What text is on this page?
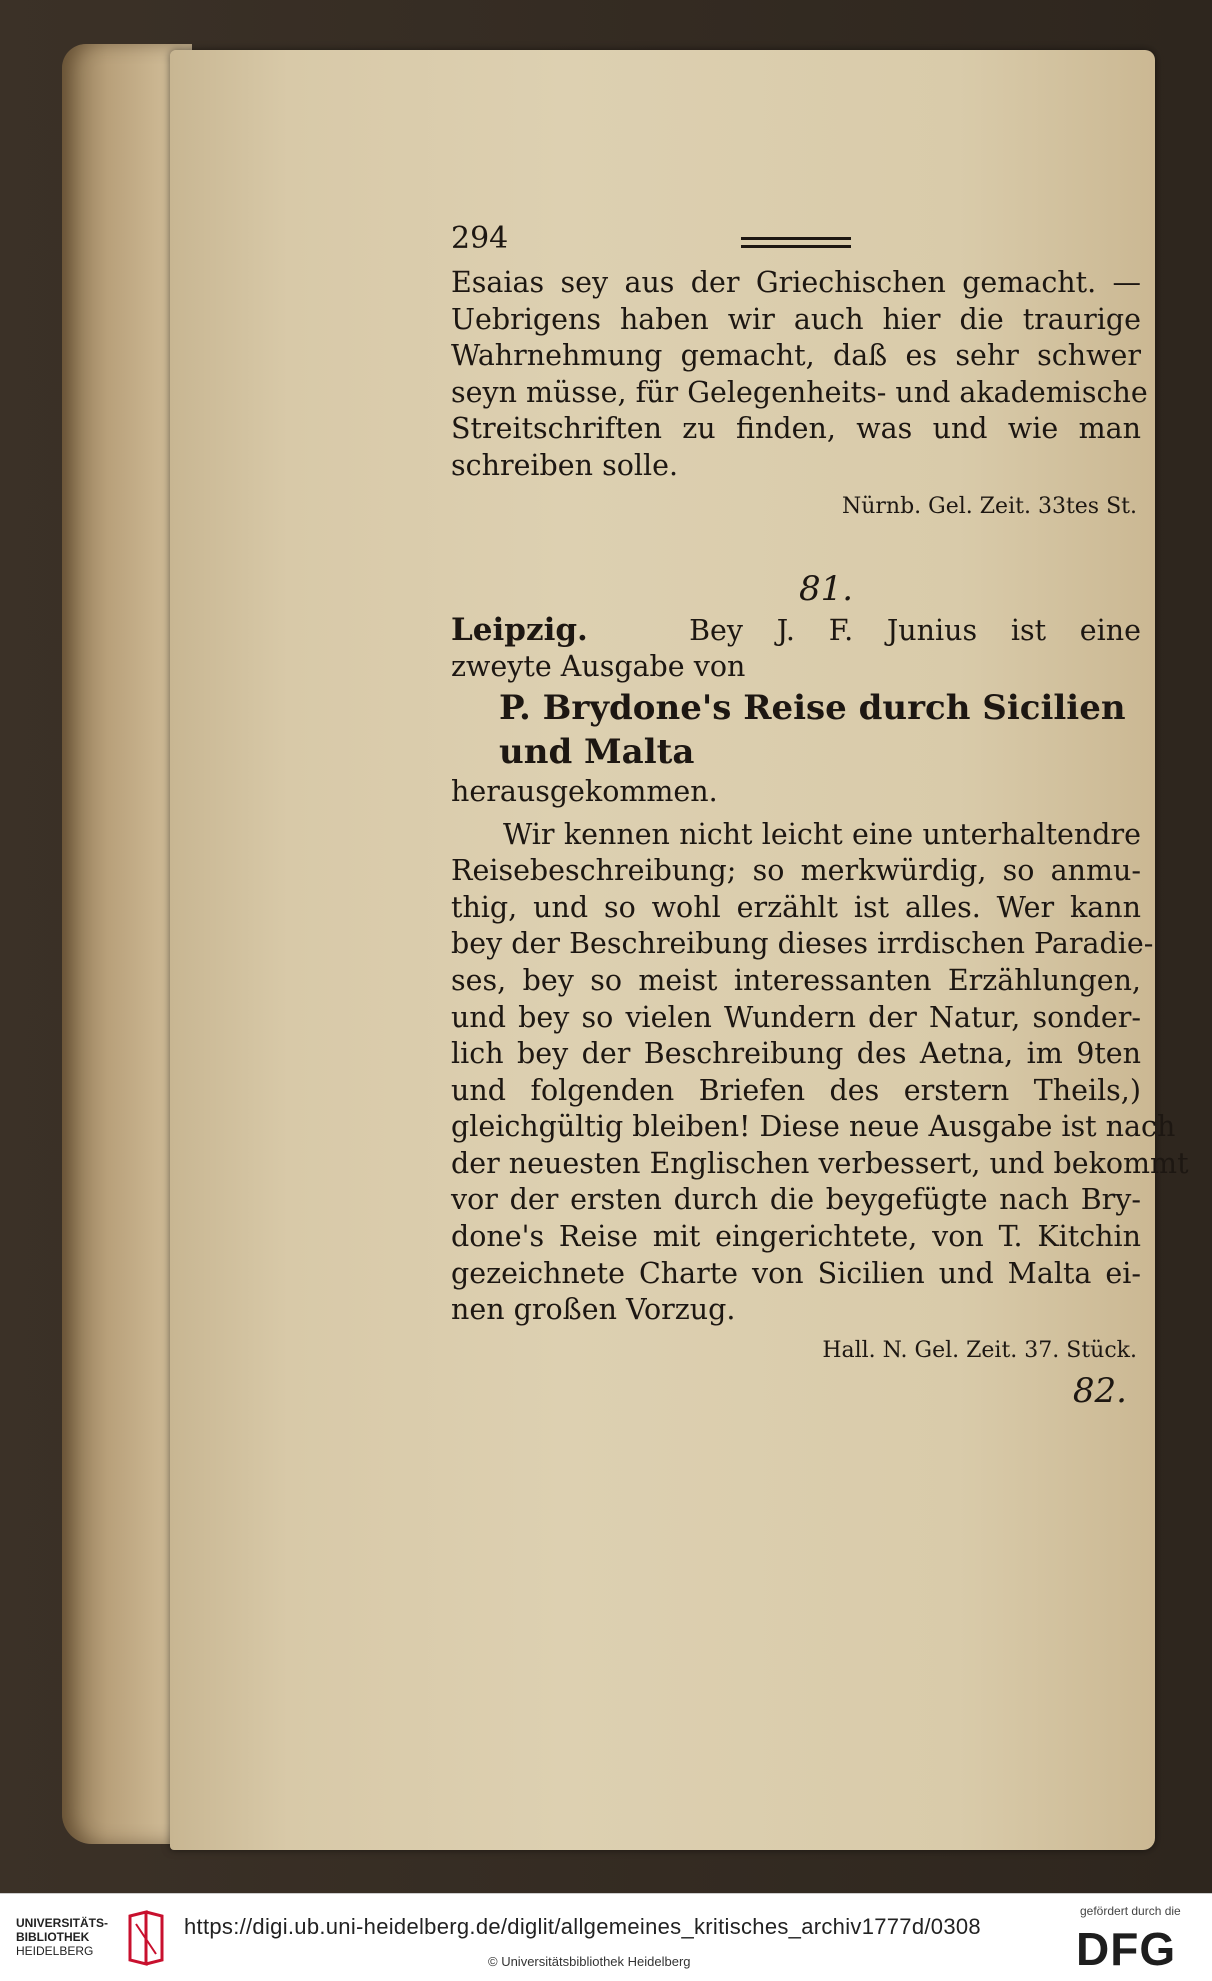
294
Esaias sey aus der Griechischen gemacht. —
Uebrigens haben wir auch hier die traurige
Wahrnehmung gemacht, daß es sehr schwer
seyn müsse, für Gelegenheits- und akademische
Streitschriften zu finden, was und wie man
schreiben solle.
Nürnb. Gel. Zeit. 33tes St.
81.
Leipzig.	Bey J. F. Junius ist eine
zweyte Ausgabe von
P. Brydone's Reise durch Sicilien
und Malta
herausgekommen.
Wir kennen nicht leicht eine unterhaltendre
Reisebeschreibung; so merkwürdig, so anmu-
thig, und so wohl erzählt ist alles. Wer kann
bey der Beschreibung dieses irrdischen Paradie-
ses, bey so meist interessanten Erzählungen,
und bey so vielen Wundern der Natur, sonder-
lich bey der Beschreibung des Aetna, im 9ten
und folgenden Briefen des erstern Theils,)
gleichgültig bleiben! Diese neue Ausgabe ist nach
der neuesten Englischen verbessert, und bekommt
vor der ersten durch die beygefügte nach Bry-
done's Reise mit eingerichtete, von T. Kitchin
gezeichnete Charte von Sicilien und Malta ei-
nen großen Vorzug.
Hall. N. Gel. Zeit. 37. Stück.
82.
UNIVERSITÄTS-
BIBLIOTHEK
HEIDELBERG
https://digi.ub.uni-heidelberg.de/diglit/allgemeines_kritisches_archiv1777d/0308
© Universitätsbibliothek Heidelberg
gefördert durch die
DFG
